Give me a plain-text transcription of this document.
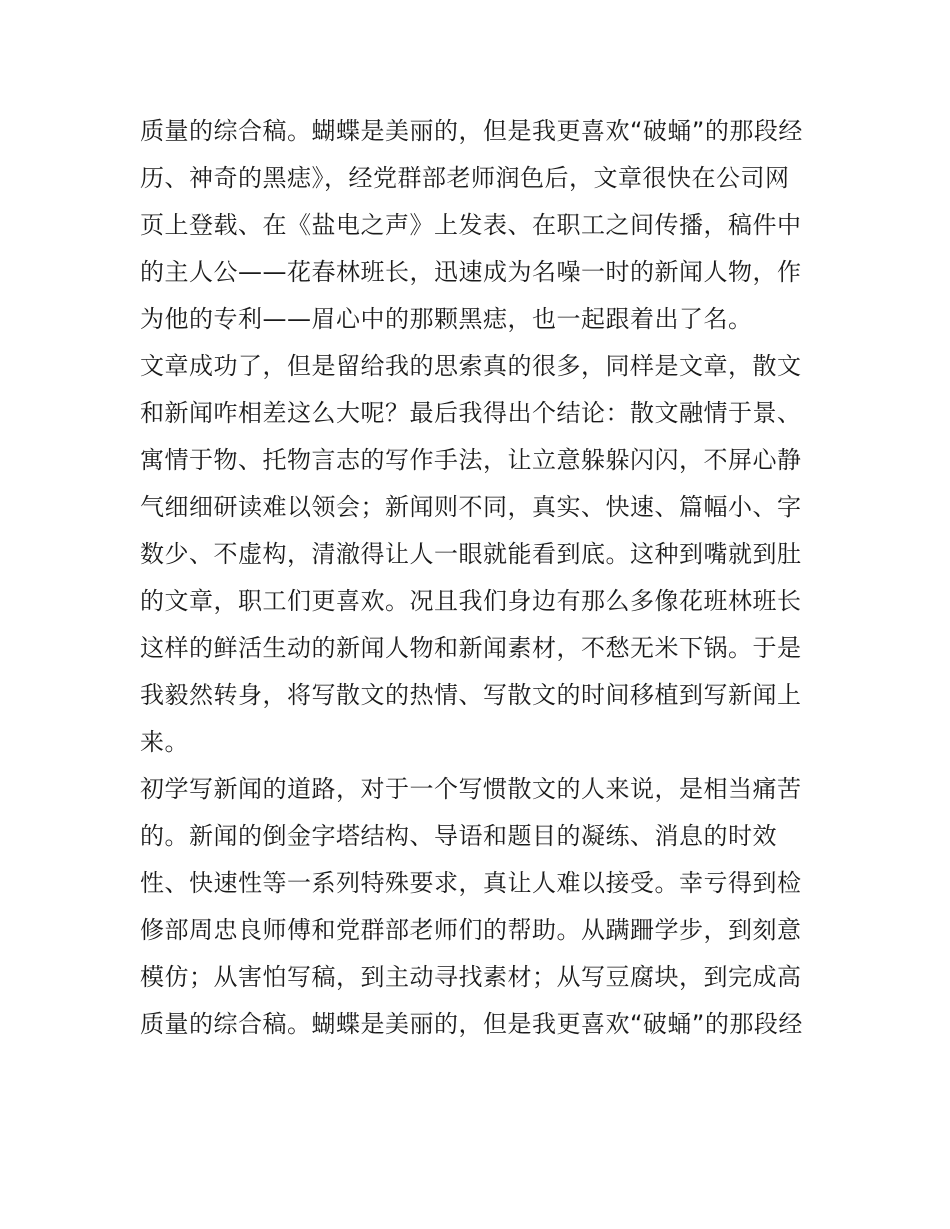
质量的综合稿。蝴蝶是美丽的，但是我更喜欢“破蛹”的那段经
历、神奇的黑痣》，经党群部老师润色后，文章很快在公司网
页上登载、在《盐电之声》上发表、在职工之间传播，稿件中
的主人公——花春林班长，迅速成为名噪一时的新闻人物，作
为他的专利——眉心中的那颗黑痣，也一起跟着出了名。
文章成功了，但是留给我的思索真的很多，同样是文章，散文
和新闻咋相差这么大呢？最后我得出个结论：散文融情于景、
寓情于物、托物言志的写作手法，让立意躲躲闪闪，不屏心静
气细细研读难以领会；新闻则不同，真实、快速、篇幅小、字
数少、不虚构，清澈得让人一眼就能看到底。这种到嘴就到肚
的文章，职工们更喜欢。况且我们身边有那么多像花班林班长
这样的鲜活生动的新闻人物和新闻素材，不愁无米下锅。于是
我毅然转身，将写散文的热情、写散文的时间移植到写新闻上
来。
初学写新闻的道路，对于一个写惯散文的人来说，是相当痛苦
的。新闻的倒金字塔结构、导语和题目的凝练、消息的时效
性、快速性等一系列特殊要求，真让人难以接受。幸亏得到检
修部周忠良师傅和党群部老师们的帮助。从蹒跚学步，到刻意
模仿；从害怕写稿，到主动寻找素材；从写豆腐块，到完成高
质量的综合稿。蝴蝶是美丽的，但是我更喜欢“破蛹”的那段经
